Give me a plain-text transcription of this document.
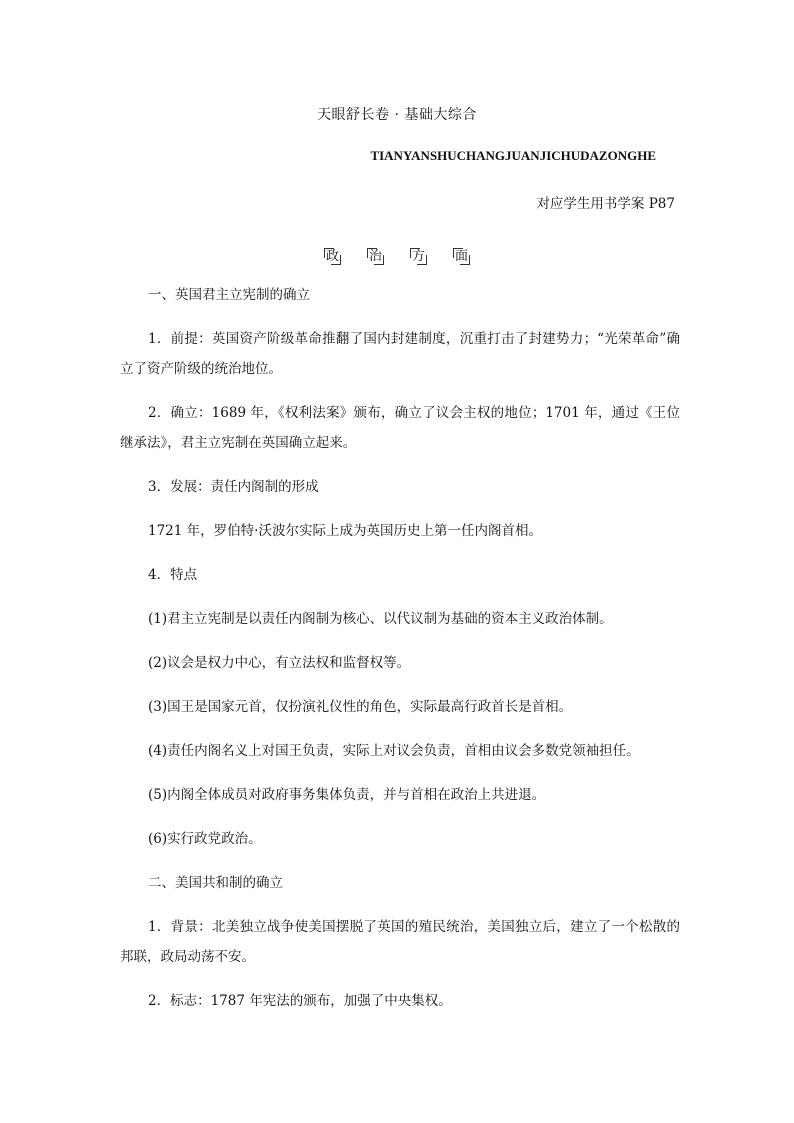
天眼舒长卷 · 基础大综合
TIANYANSHUCHANGJUANJICHUDAZONGHE
对应学生用书学案 P87
政 治 方 面

一、英国君主立宪制的确立

1．前提：英国资产阶级革命推翻了国内封建制度，沉重打击了封建势力；“光荣革命”确立了资产阶级的统治地位。

2．确立：1689 年，《权利法案》颁布，确立了议会主权的地位；1701 年，通过《王位继承法》，君主立宪制在英国确立起来。

3．发展：责任内阁制的形成

1721 年，罗伯特·沃波尔实际上成为英国历史上第一任内阁首相。

4．特点

(1)君主立宪制是以责任内阁制为核心、以代议制为基础的资本主义政治体制。

(2)议会是权力中心，有立法权和监督权等。

(3)国王是国家元首，仅扮演礼仪性的角色，实际最高行政首长是首相。

(4)责任内阁名义上对国王负责，实际上对议会负责，首相由议会多数党领袖担任。

(5)内阁全体成员对政府事务集体负责，并与首相在政治上共进退。

(6)实行政党政治。

二、美国共和制的确立

1．背景：北美独立战争使美国摆脱了英国的殖民统治，美国独立后，建立了一个松散的邦联，政局动荡不安。

2．标志：1787 年宪法的颁布，加强了中央集权。
